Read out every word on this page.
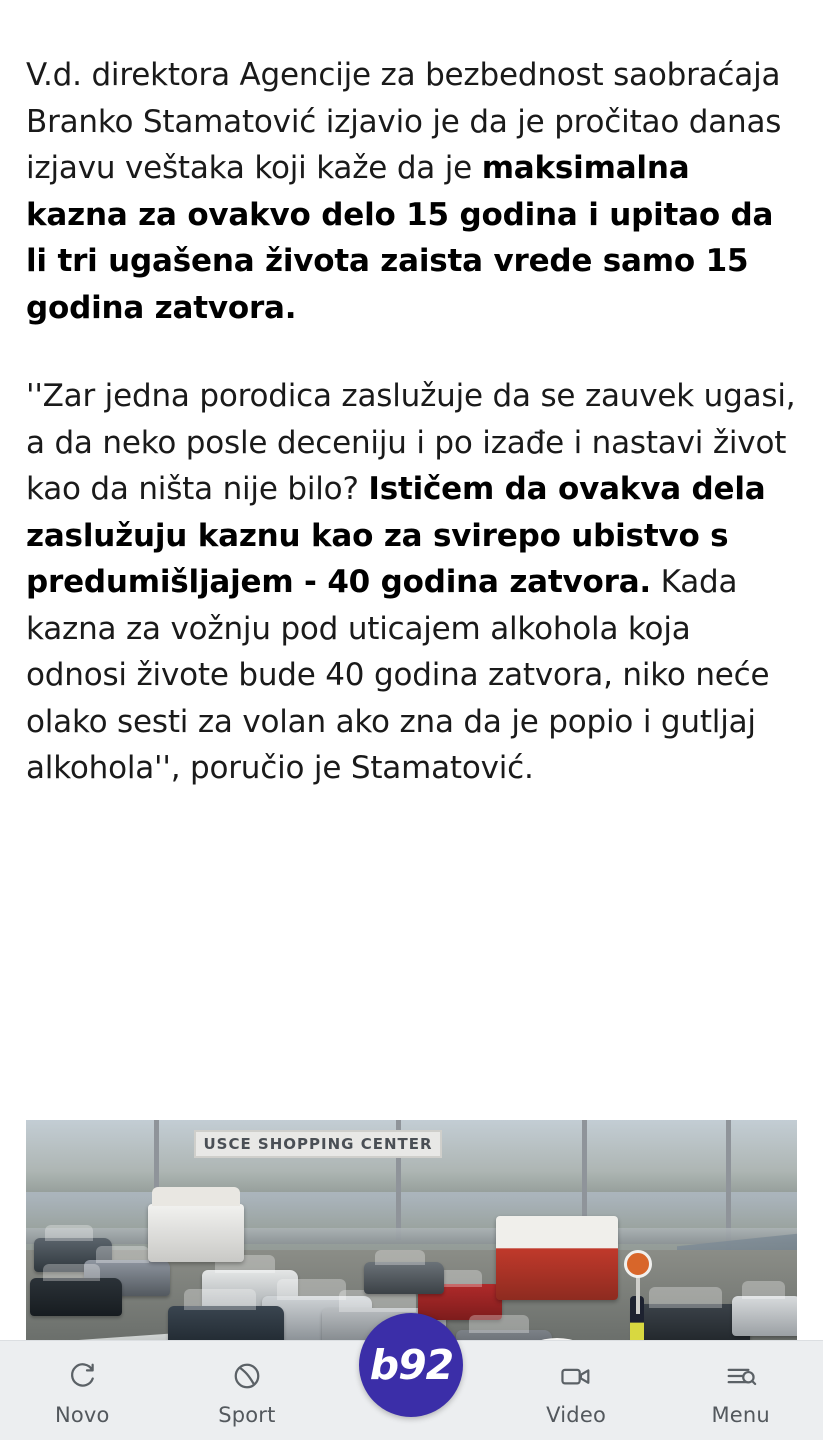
V.d. direktora Agencije za bezbednost saobraćaja Branko Stamatović izjavio je da je pročitao danas izjavu veštaka koji kaže da je maksimalna kazna za ovakvo delo 15 godina i upitao da li tri ugašena života zaista vrede samo 15 godina zatvora.

''Zar jedna porodica zaslužuje da se zauvek ugasi, a da neko posle deceniju i po izađe i nastavi život kao da ništa nije bilo? Ističem da ovakva dela zaslužuju kaznu kao za svirepo ubistvo s predumišljajem - 40 godina zatvora. Kada kazna za vožnju pod uticajem alkohola koja odnosi živote bude 40 godina zatvora, niko neće olako sesti za volan ako zna da je popio i gutljaj alkohola'', poručio je Stamatović.

USCE SHOPPING CENTER
Novo	Sport
b92
Video	Menu
